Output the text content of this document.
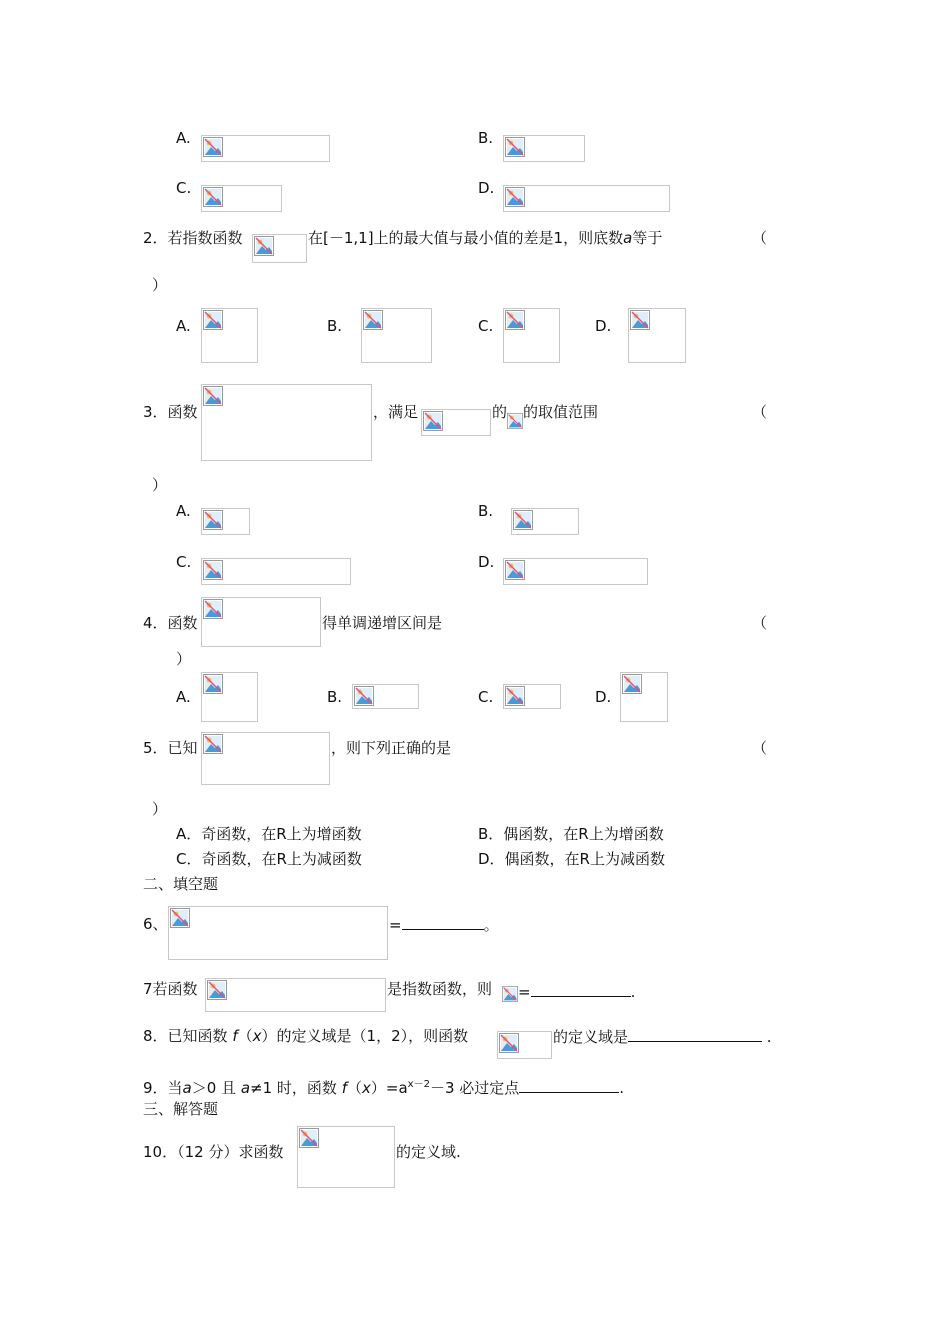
A.	B.
C.	D.
2．若指数函数	在[－1,1]上的最大值与最小值的差是1，则底数a等于	（
）
A.	B.	C.	D.
3．函数	，满足	的 的取值范围	（
）
A.	B.
C.	D.
4．函数	得单调递增区间是	（
）
A.	B.	C.	D.
5．已知	，则下列正确的是	（
）
A．奇函数，在R上为增函数	B．偶函数，在R上为增函数
C．奇函数，在R上为减函数	D．偶函数，在R上为减函数
二、填空题
6、	=	。
7若函数	是指数函数，则 =	.
8．已知函数 f（x）的定义域是（1，2），则函数	的定义域是	.
9．当a＞0 且 a≠1 时，函数 $f(x)=a^{x-2}-3$ 必过定点	.
三、解答题
10．（12 分）求函数	的定义域.
